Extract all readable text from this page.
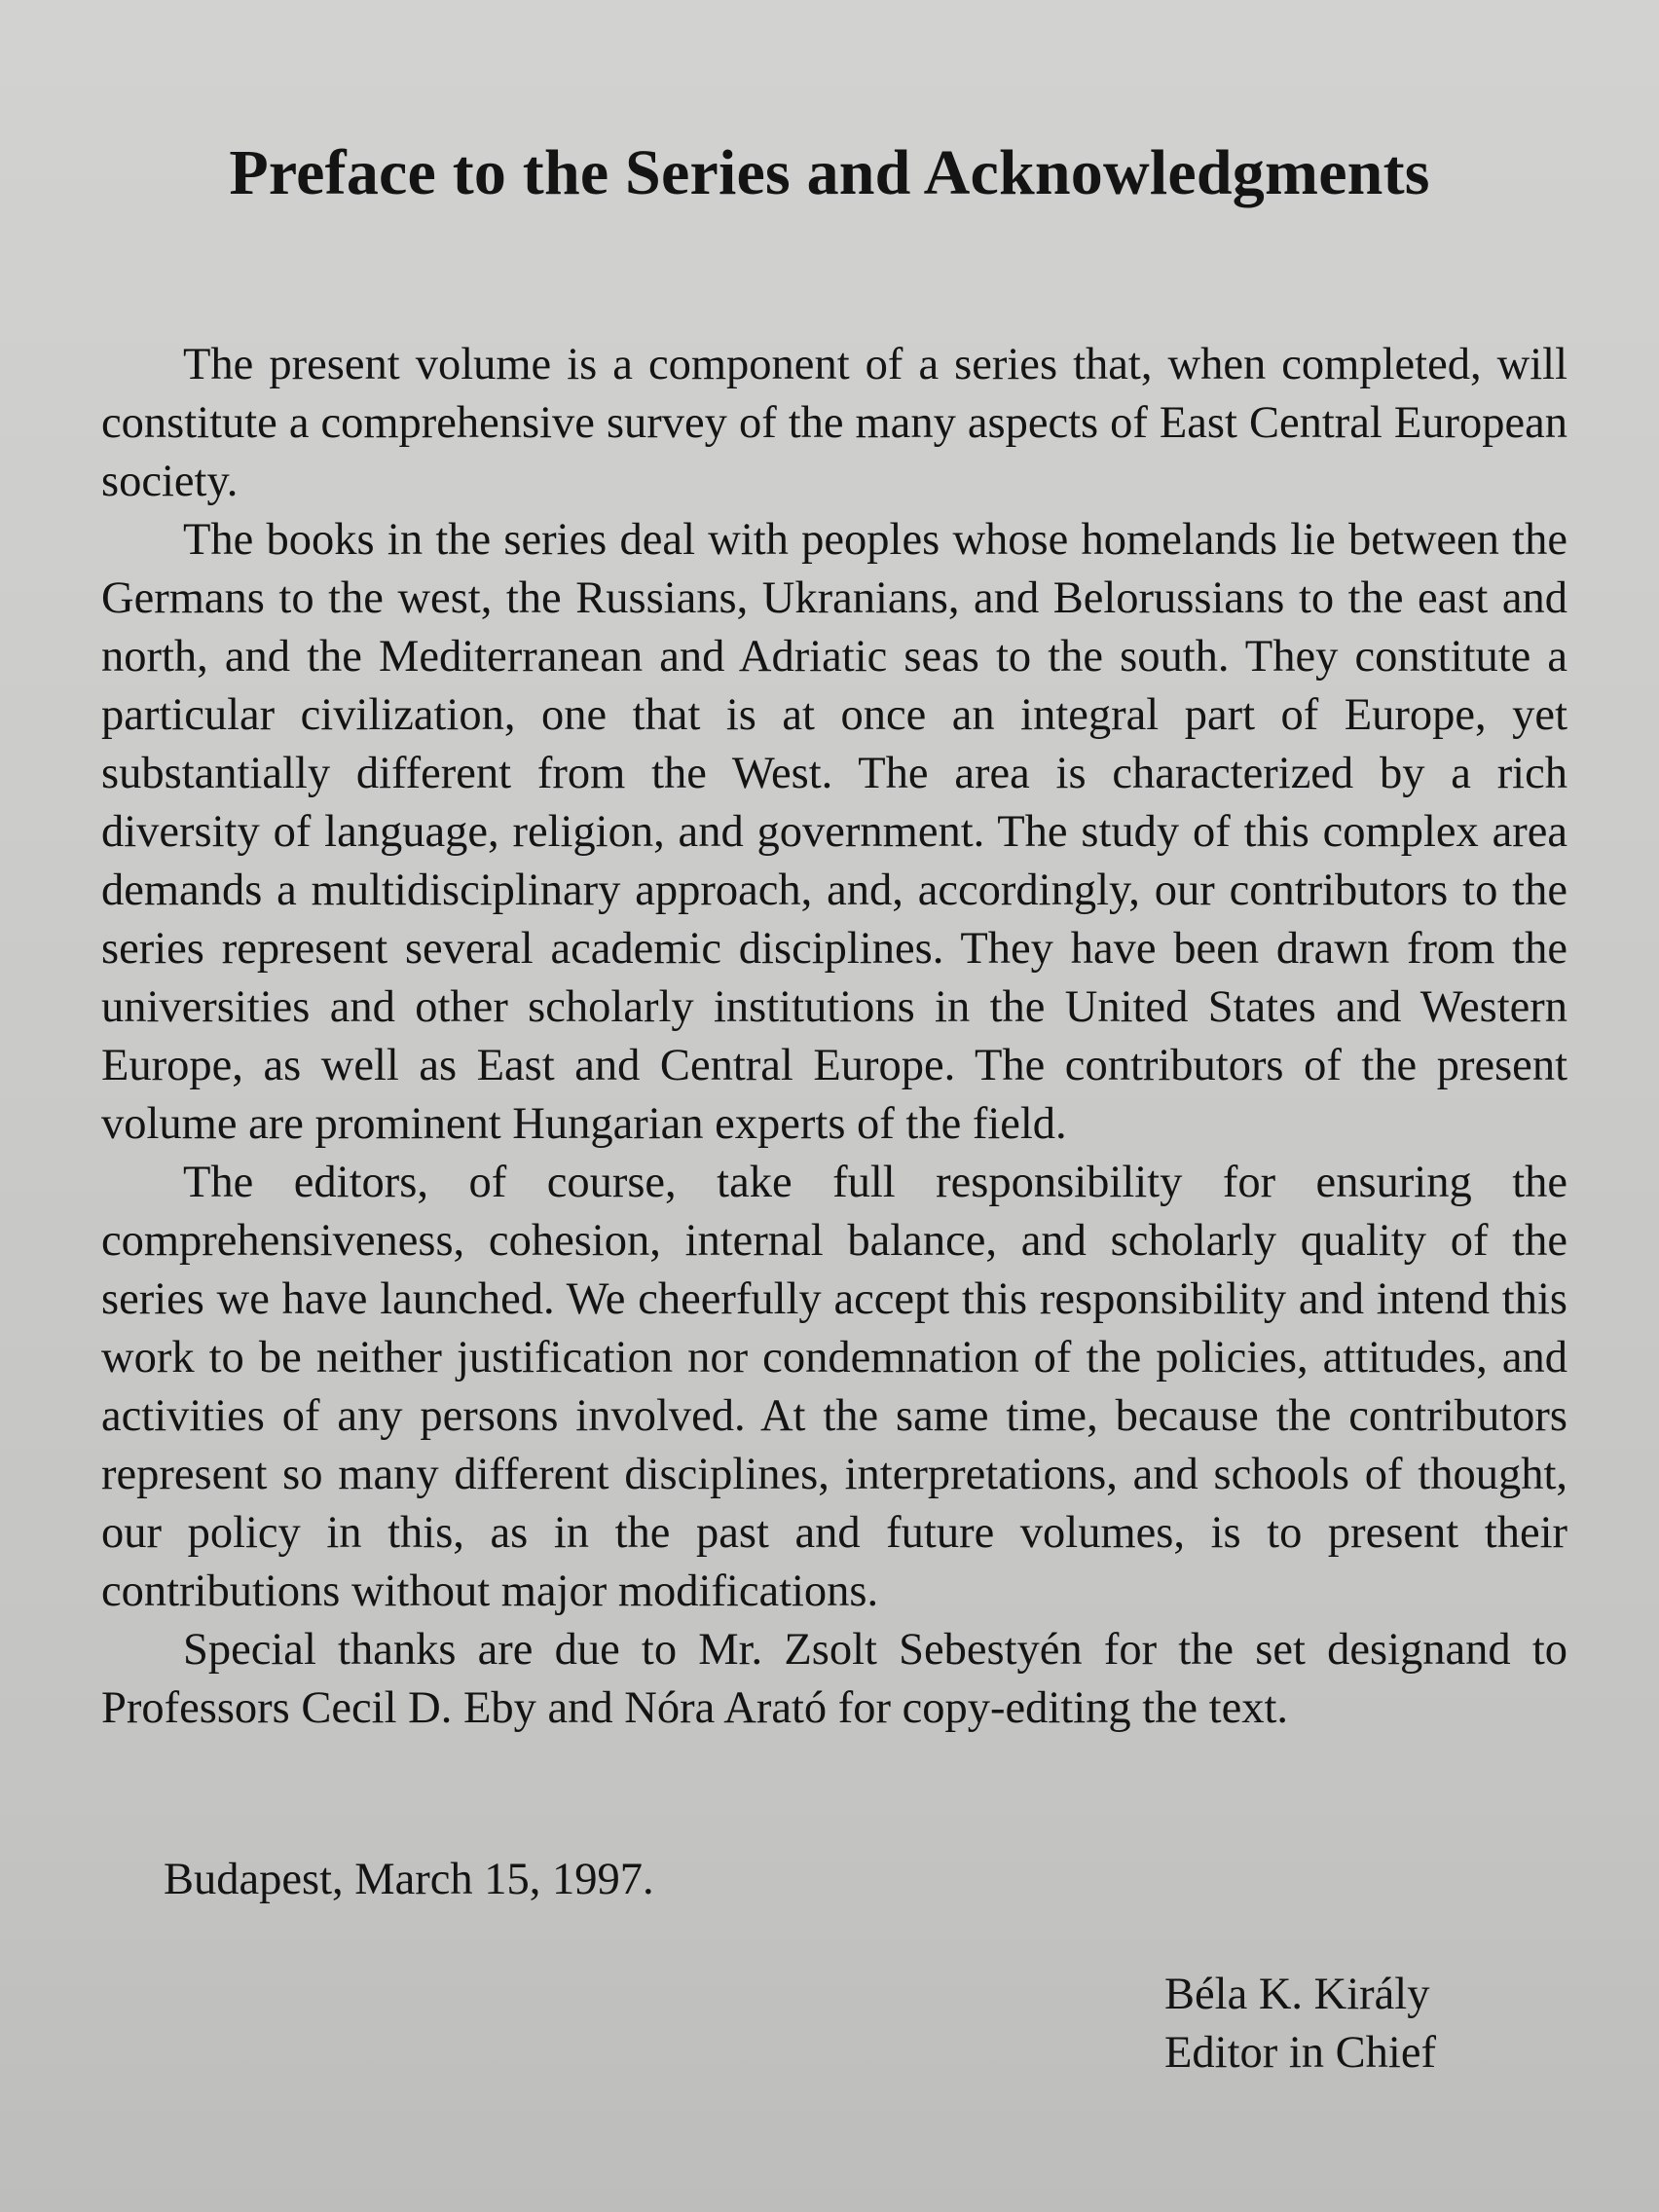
Preface to the Series and Acknowledgments

The present volume is a component of a series that, when completed, will constitute a comprehensive survey of the many aspects of East Central European society.

The books in the series deal with peoples whose homelands lie between the Germans to the west, the Russians, Ukranians, and Belorussians to the east and north, and the Mediterranean and Adriatic seas to the south. They constitute a particular civilization, one that is at once an integral part of Europe, yet substantially different from the West. The area is characterized by a rich diversity of language, religion, and government. The study of this complex area demands a multidisciplinary approach, and, accordingly, our contributors to the series represent several academic disciplines. They have been drawn from the universities and other scholarly institutions in the United States and Western Europe, as well as East and Central Europe. The contributors of the present volume are prominent Hungarian experts of the field.

The editors, of course, take full responsibility for ensuring the comprehensiveness, cohesion, internal balance, and scholarly quality of the series we have launched. We cheerfully accept this responsibility and intend this work to be neither justification nor condemnation of the policies, attitudes, and activities of any persons involved. At the same time, because the contributors represent so many different disciplines, interpretations, and schools of thought, our policy in this, as in the past and future volumes, is to present their contributions without major modifications.

Special thanks are due to Mr. Zsolt Sebestyén for the set designand to Professors Cecil D. Eby and Nóra Arató for copy-editing the text.

Budapest, March 15, 1997.

Béla K. Király
Editor in Chief
